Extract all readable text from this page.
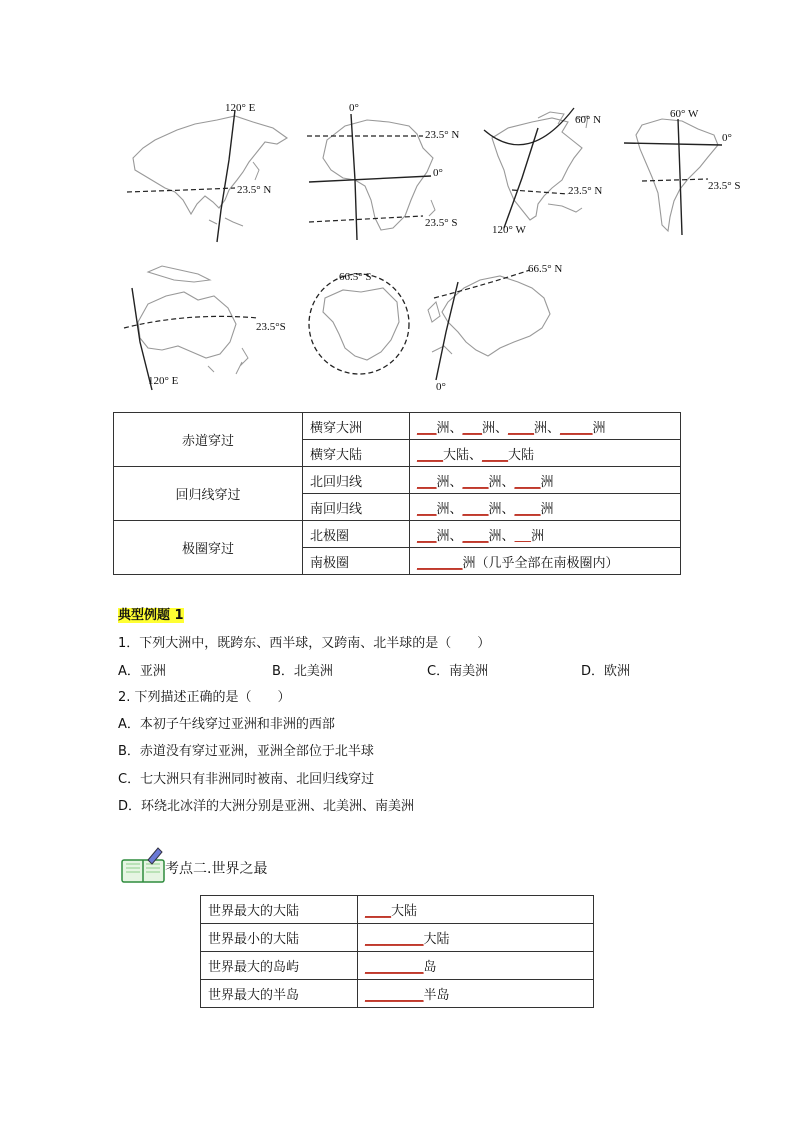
120° E
23.5° N
0°
23.5° N
0°
23.5° S
60° N
23.5° N
120° W
60° W
0°
23.5° S
23.5°S
120° E
66.5° S
66.5° N
0°
赤道穿过	横穿大洲	___洲、___洲、____洲、_____洲
	横穿大陆	____大陆、____大陆
回归线穿过	北回归线	___洲、____洲、____洲
	南回归线	___洲、____洲、____洲
极圈穿过	北极圈	___洲、____洲、 洲
	南极圈	_______洲（几乎全部在南极圈内）
典型例题 1
1．下列大洲中，既跨东、西半球，又跨南、北半球的是（　　）
A．亚洲	B．北美洲	C．南美洲	D．欧洲
2. 下列描述正确的是（　　）
A．本初子午线穿过亚洲和非洲的西部
B．赤道没有穿过亚洲，亚洲全部位于北半球
C．七大洲只有非洲同时被南、北回归线穿过
D．环绕北冰洋的大洲分别是亚洲、北美洲、南美洲
考点二.世界之最
世界最大的大陆	____大陆
世界最小的大陆	_________大陆
世界最大的岛屿	_________岛
世界最大的半岛	_________半岛
